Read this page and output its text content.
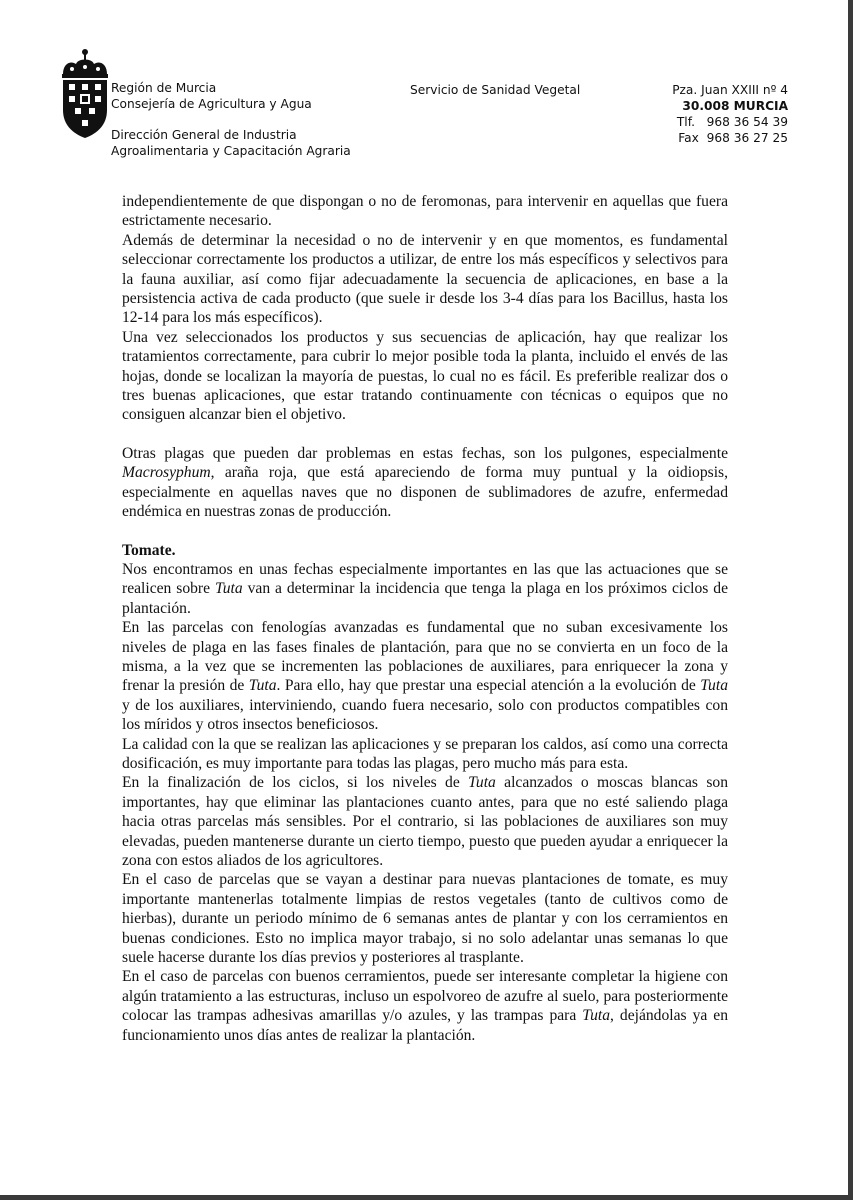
Región de Murcia
Consejería de Agricultura y Agua
Dirección General de Industria
Agroalimentaria y Capacitación Agraria
Servicio de Sanidad Vegetal	Pza. Juan XXIII nº 4
30.008 MURCIA
Tlf.   968 36 54 39
Fax  968 36 27 25

independientemente de que dispongan o no de feromonas, para intervenir en aquellas que fuera estrictamente necesario.

Además de determinar la necesidad o no de intervenir y en que momentos, es fundamental seleccionar correctamente los productos a utilizar, de entre los más específicos y selectivos para la fauna auxiliar, así como fijar adecuadamente la secuencia de aplicaciones, en base a la persistencia activa de cada producto (que suele ir desde los 3-4 días para los Bacillus, hasta los 12-14 para los más específicos).

Una vez seleccionados los productos y sus secuencias de aplicación, hay que realizar los tratamientos correctamente, para cubrir lo mejor posible toda la planta, incluido el envés de las hojas, donde se localizan la mayoría de puestas, lo cual no es fácil. Es preferible realizar dos o tres buenas aplicaciones, que estar tratando continuamente con técnicas o equipos que no consiguen alcanzar bien el objetivo.

Otras plagas que pueden dar problemas en estas fechas, son los pulgones, especialmente Macrosyphum, araña roja, que está apareciendo de forma muy puntual y la oidiopsis, especialmente en aquellas naves que no disponen de sublimadores de azufre, enfermedad endémica en nuestras zonas de producción.

Tomate.

Nos encontramos en unas fechas especialmente importantes en las que las actuaciones que se realicen sobre Tuta van a determinar la incidencia que tenga la plaga en los próximos ciclos de plantación.

En las parcelas con fenologías avanzadas es fundamental que no suban excesivamente los niveles de plaga en las fases finales de plantación, para que no se convierta en un foco de la misma, a la vez que se incrementen las poblaciones de auxiliares, para enriquecer la zona y frenar la presión de Tuta. Para ello, hay que prestar una especial atención a la evolución de Tuta y de los auxiliares, interviniendo, cuando fuera necesario, solo con productos compatibles con los míridos y otros insectos beneficiosos.

La calidad con la que se realizan las aplicaciones y se preparan los caldos, así como una correcta dosificación, es muy importante para todas las plagas, pero mucho más para esta.

En la finalización de los ciclos, si los niveles de Tuta alcanzados o moscas blancas son importantes, hay que eliminar las plantaciones cuanto antes, para que no esté saliendo plaga hacia otras parcelas más sensibles. Por el contrario, si las poblaciones de auxiliares son muy elevadas, pueden mantenerse durante un cierto tiempo, puesto que pueden ayudar a enriquecer la zona con estos aliados de los agricultores.

En el caso de parcelas que se vayan a destinar para nuevas plantaciones de tomate, es muy importante mantenerlas totalmente limpias de restos vegetales (tanto de cultivos como de hierbas), durante un periodo mínimo de 6 semanas antes de plantar y con los cerramientos en buenas condiciones. Esto no implica mayor trabajo, si no solo adelantar unas semanas lo que suele hacerse durante los días previos y posteriores al trasplante.

En el caso de parcelas con buenos cerramientos, puede ser interesante completar la higiene con algún tratamiento a las estructuras, incluso un espolvoreo de azufre al suelo, para posteriormente colocar las trampas adhesivas amarillas y/o azules, y las trampas para Tuta, dejándolas ya en funcionamiento unos días antes de realizar la plantación.
